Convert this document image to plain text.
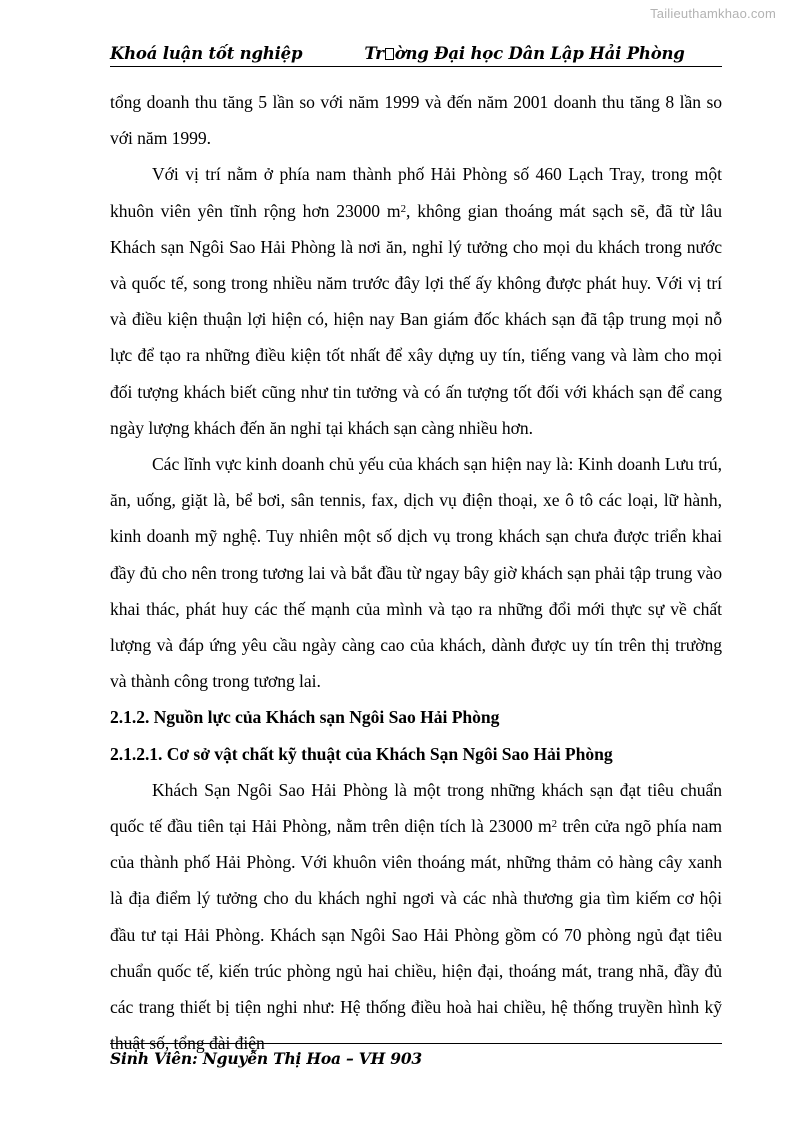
Tailieuthamkhao.com
Khoá luận tốt nghiệp	Tr ờng Đại học Dân Lập Hải Phòng

tổng doanh thu tăng 5 lần so với năm 1999 và đến năm 2001 doanh thu tăng 8 lần so với năm 1999.

Với vị trí nằm ở phía nam thành phố Hải Phòng số 460 Lạch Tray, trong một khuôn viên yên tĩnh rộng hơn 23000 $m^2$, không gian thoáng mát sạch sẽ, đã từ lâu Khách sạn Ngôi Sao Hải Phòng là nơi ăn, nghỉ lý tưởng cho mọi du khách trong nước và quốc tế, song trong nhiều năm trước đây lợi thế ấy không được phát huy. Với vị trí và điều kiện thuận lợi hiện có, hiện nay Ban giám đốc khách sạn đã tập trung mọi nỗ lực để tạo ra những điều kiện tốt nhất để xây dựng uy tín, tiếng vang và làm cho mọi đối tượng khách biết cũng như tin tưởng và có ấn tượng tốt đối với khách sạn để cang ngày lượng khách đến ăn nghỉ tại khách sạn càng nhiều hơn.

Các lĩnh vực kinh doanh chủ yếu của khách sạn hiện nay là: Kinh doanh Lưu trú, ăn, uống, giặt là, bể bơi, sân tennis, fax, dịch vụ điện thoại, xe ô tô các loại, lữ hành, kinh doanh mỹ nghệ. Tuy nhiên một số dịch vụ trong khách sạn chưa được triển khai đầy đủ cho nên trong tương lai và bắt đầu từ ngay bây giờ khách sạn phải tập trung vào khai thác, phát huy các thế mạnh của mình và tạo ra những đổi mới thực sự về chất lượng và đáp ứng yêu cầu ngày càng cao của khách, dành được uy tín trên thị trường và thành công trong tương lai.

2.1.2. Nguồn lực của Khách sạn Ngôi Sao Hải Phòng
2.1.2.1. Cơ sở vật chất kỹ thuật của Khách Sạn Ngôi Sao Hải Phòng

Khách Sạn Ngôi Sao Hải Phòng là một trong những khách sạn đạt tiêu chuẩn quốc tế đầu tiên tại Hải Phòng, nằm trên diện tích là 23000 $m^2$ trên cửa ngõ phía nam của thành phố Hải Phòng. Với khuôn viên thoáng mát, những thảm cỏ hàng cây xanh là địa điểm lý tưởng cho du khách nghỉ ngơi và các nhà thương gia tìm kiếm cơ hội đầu tư tại Hải Phòng. Khách sạn Ngôi Sao Hải Phòng gồm có 70 phòng ngủ đạt tiêu chuẩn quốc tế, kiến trúc phòng ngủ hai chiều, hiện đại, thoáng mát, trang nhã, đầy đủ các trang thiết bị tiện nghi như: Hệ thống điều hoà hai chiều, hệ thống truyền hình kỹ thuật số, tổng đài điện

Sinh Viên: Nguyễn Thị Hoa – VH 903
